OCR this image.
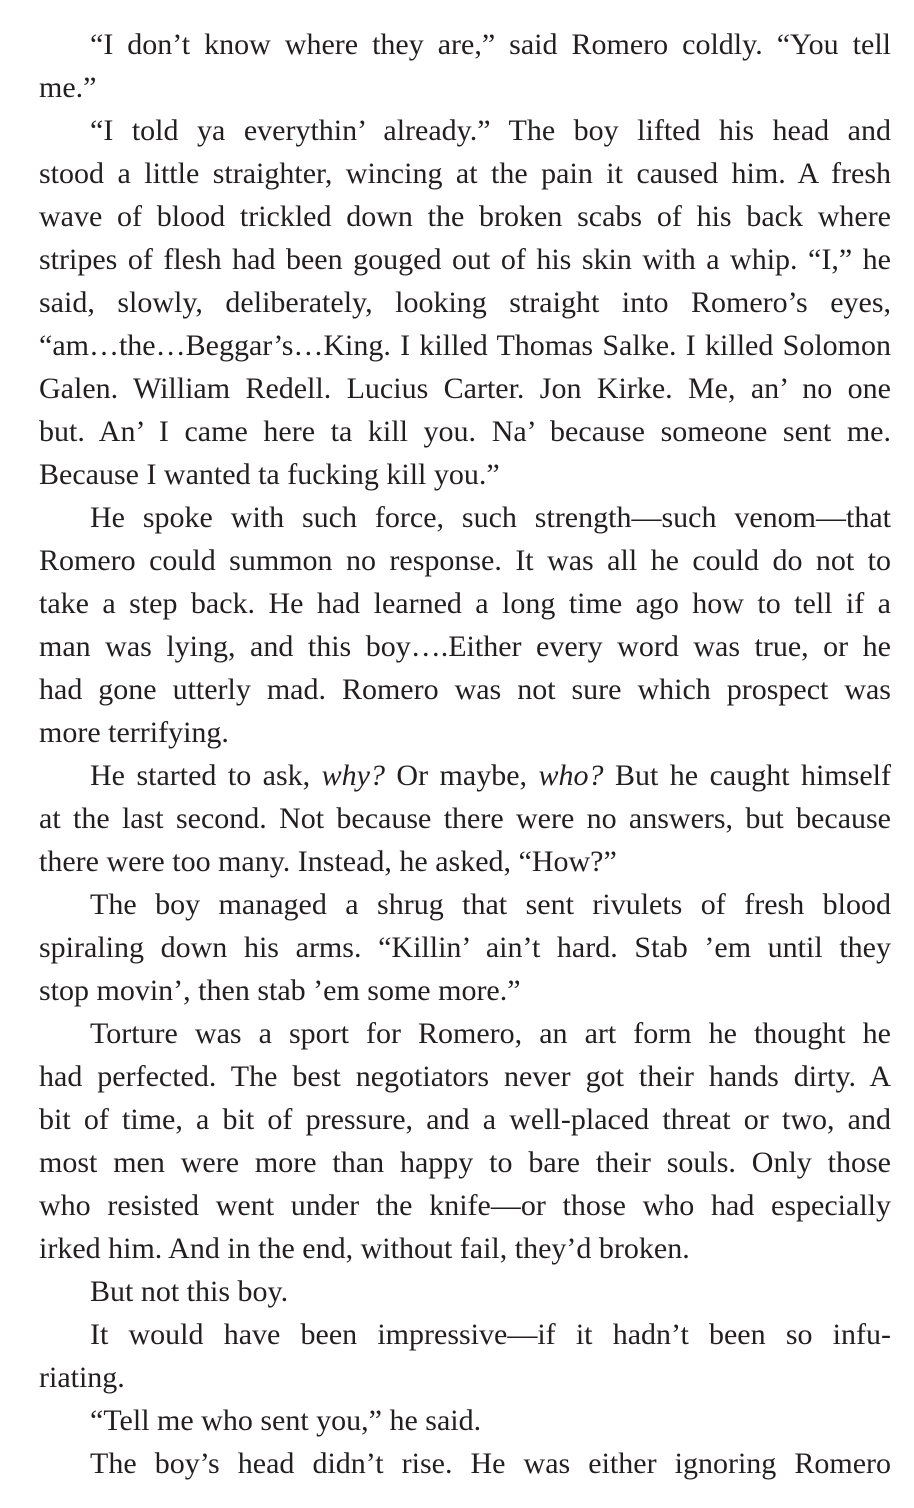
“I don’t know where they are,” said Romero coldly. “You tell
me.”
“I told ya everythin’ already.” The boy lifted his head and
stood a little straighter, wincing at the pain it caused him. A fresh
wave of blood trickled down the broken scabs of his back where
stripes of flesh had been gouged out of his skin with a whip. “I,” he
said, slowly, deliberately, looking straight into Romero’s eyes,
“am…the…Beggar’s…King. I killed Thomas Salke. I killed Solomon
Galen. William Redell. Lucius Carter. Jon Kirke. Me, an’ no one
but. An’ I came here ta kill you. Na’ because someone sent me.
Because I wanted ta fucking kill you.”
He spoke with such force, such strength—such venom—that
Romero could summon no response. It was all he could do not to
take a step back. He had learned a long time ago how to tell if a
man was lying, and this boy….Either every word was true, or he
had gone utterly mad. Romero was not sure which prospect was
more terrifying.
He started to ask, why? Or maybe, who? But he caught himself
at the last second. Not because there were no answers, but because
there were too many. Instead, he asked, “How?”
The boy managed a shrug that sent rivulets of fresh blood
spiraling down his arms. “Killin’ ain’t hard. Stab ’em until they
stop movin’, then stab ’em some more.”
Torture was a sport for Romero, an art form he thought he
had perfected. The best negotiators never got their hands dirty. A
bit of time, a bit of pressure, and a well-placed threat or two, and
most men were more than happy to bare their souls. Only those
who resisted went under the knife—or those who had especially
irked him. And in the end, without fail, they’d broken.
But not this boy.
It would have been impressive—if it hadn’t been so infu-
riating.
“Tell me who sent you,” he said.
The boy’s head didn’t rise. He was either ignoring Romero
